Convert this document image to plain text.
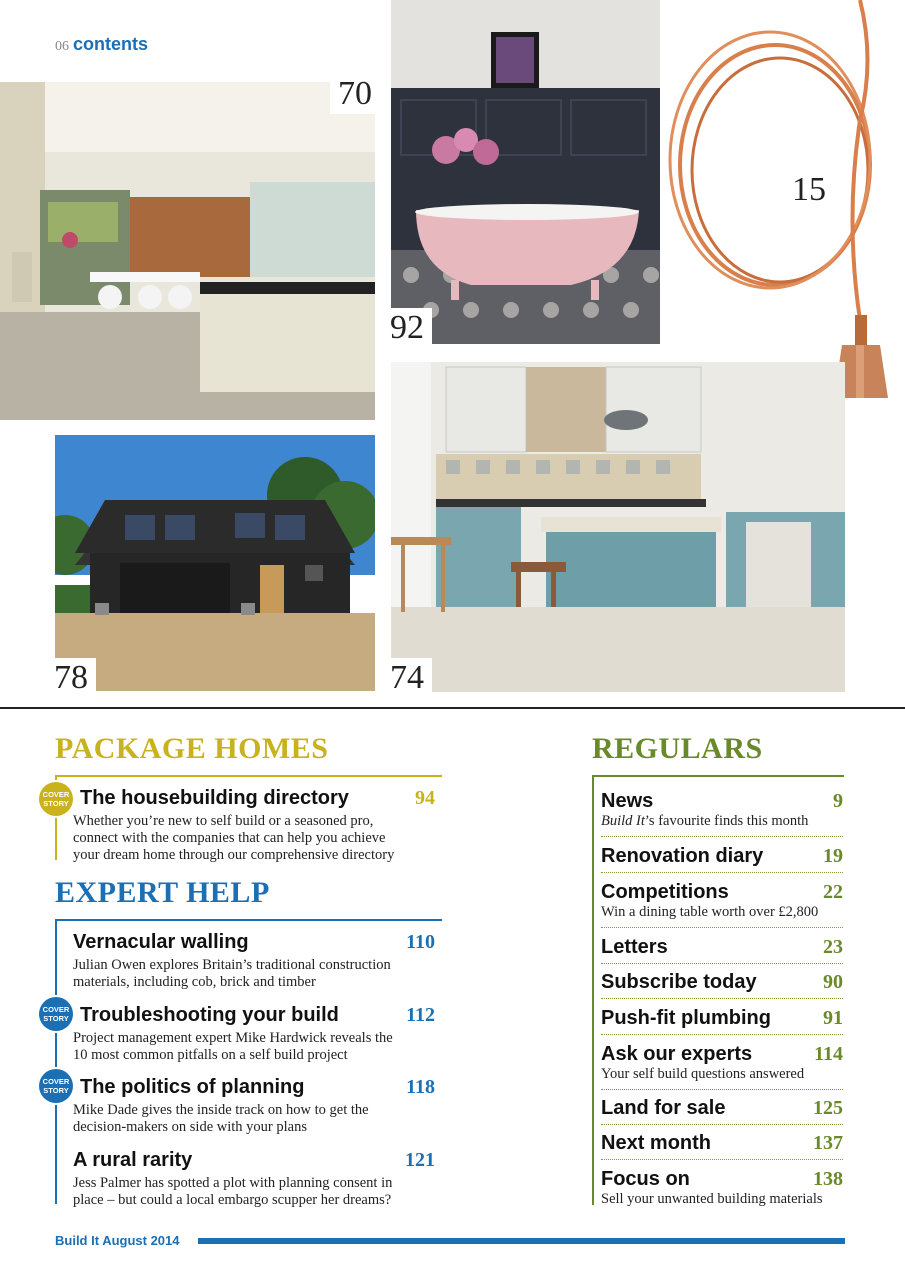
06 contents
70
92
15
78	74
PACKAGE HOMES
COVER
STORY The housebuilding directory	94
Whether you’re new to self build or a seasoned pro,
connect with the companies that can help you achieve
your dream home through our comprehensive directory
EXPERT HELP
Vernacular walling	110
Julian Owen explores Britain’s traditional construction
materials, including cob, brick and timber
COVER
STORY Troubleshooting your build	112
Project management expert Mike Hardwick reveals the
10 most common pitfalls on a self build project
COVER
STORY The politics of planning	118
Mike Dade gives the inside track on how to get the
decision-makers on side with your plans
A rural rarity	121
Jess Palmer has spotted a plot with planning consent in
place – but could a local embargo scupper her dreams?
REGULARS
News	9
Build It’s favourite finds this month
Renovation diary	19
Competitions	22
Win a dining table worth over £2,800
Letters	23
Subscribe today	90
Push-fit plumbing	91
Ask our experts	114
Your self build questions answered
Land for sale	125
Next month	137
Focus on	138
Sell your unwanted building materials
Build It August 2014
